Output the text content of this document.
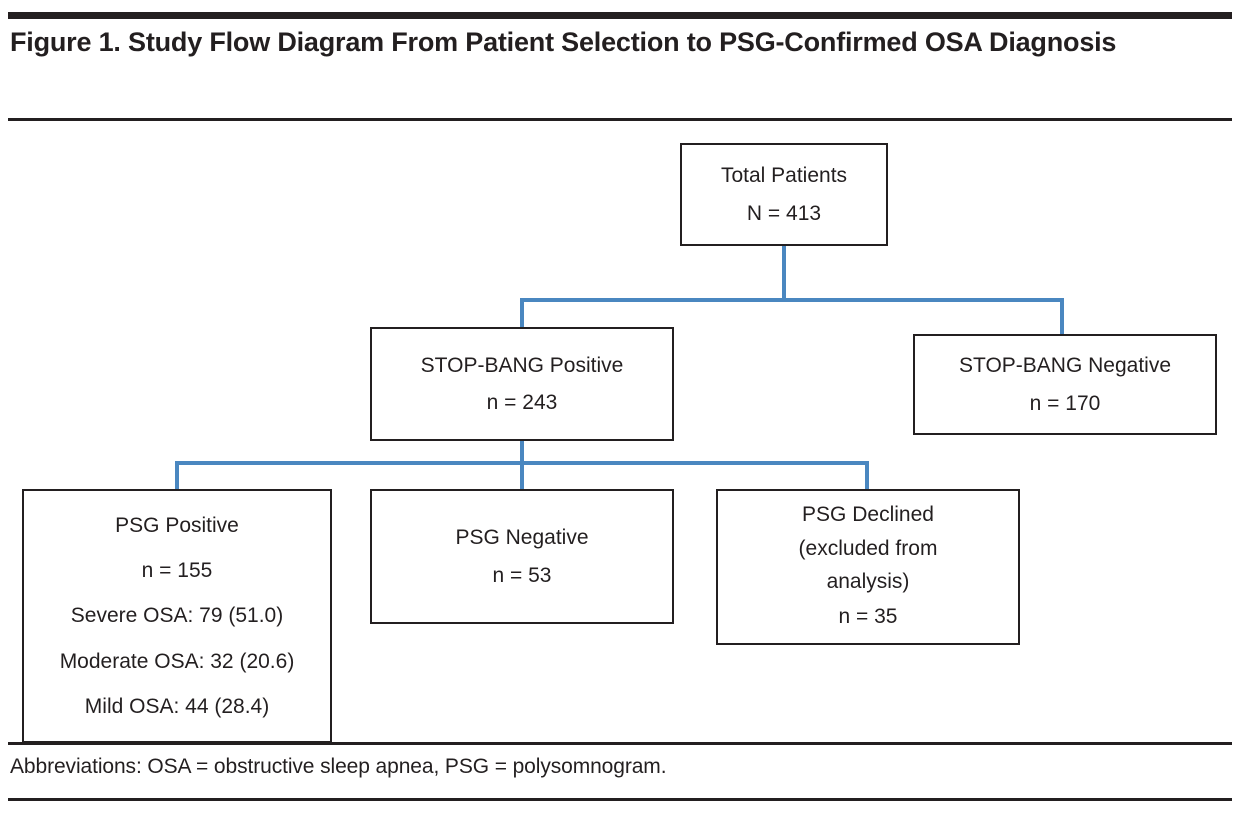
Figure 1. Study Flow Diagram From Patient Selection to PSG-Confirmed OSA Diagnosis
Total Patients
N = 413
STOP-BANG Positive
n = 243
STOP-BANG Negative
n = 170
PSG Positive
n = 155
Severe OSA: 79 (51.0)
Moderate OSA: 32 (20.6)
Mild OSA: 44 (28.4)
PSG Negative
n = 53
PSG Declined
(excluded from
analysis)
n = 35
Abbreviations: OSA = obstructive sleep apnea, PSG = polysomnogram.
